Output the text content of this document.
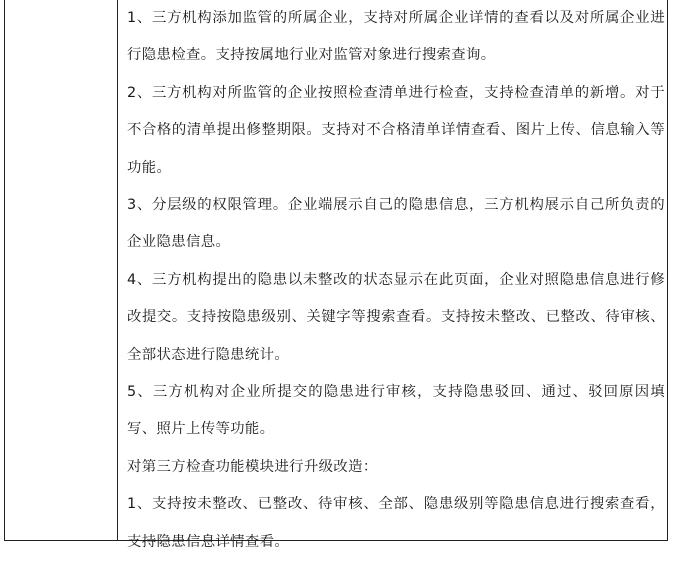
1、三方机构添加监管的所属企业，支持对所属企业详情的查看以及对所属企业进行隐患检查。支持按属地行业对监管对象进行搜索查询。

2、三方机构对所监管的企业按照检查清单进行检查，支持检查清单的新增。对于不合格的清单提出修整期限。支持对不合格清单详情查看、图片上传、信息输入等功能。

3、分层级的权限管理。企业端展示自己的隐患信息，三方机构展示自己所负责的企业隐患信息。

4、三方机构提出的隐患以未整改的状态显示在此页面，企业对照隐患信息进行修改提交。支持按隐患级别、关键字等搜索查看。支持按未整改、已整改、待审核、全部状态进行隐患统计。

5、三方机构对企业所提交的隐患进行审核，支持隐患驳回、通过、驳回原因填写、照片上传等功能。

对第三方检查功能模块进行升级改造：

1、支持按未整改、已整改、待审核、全部、隐患级别等隐患信息进行搜索查看，支持隐患信息详情查看。
